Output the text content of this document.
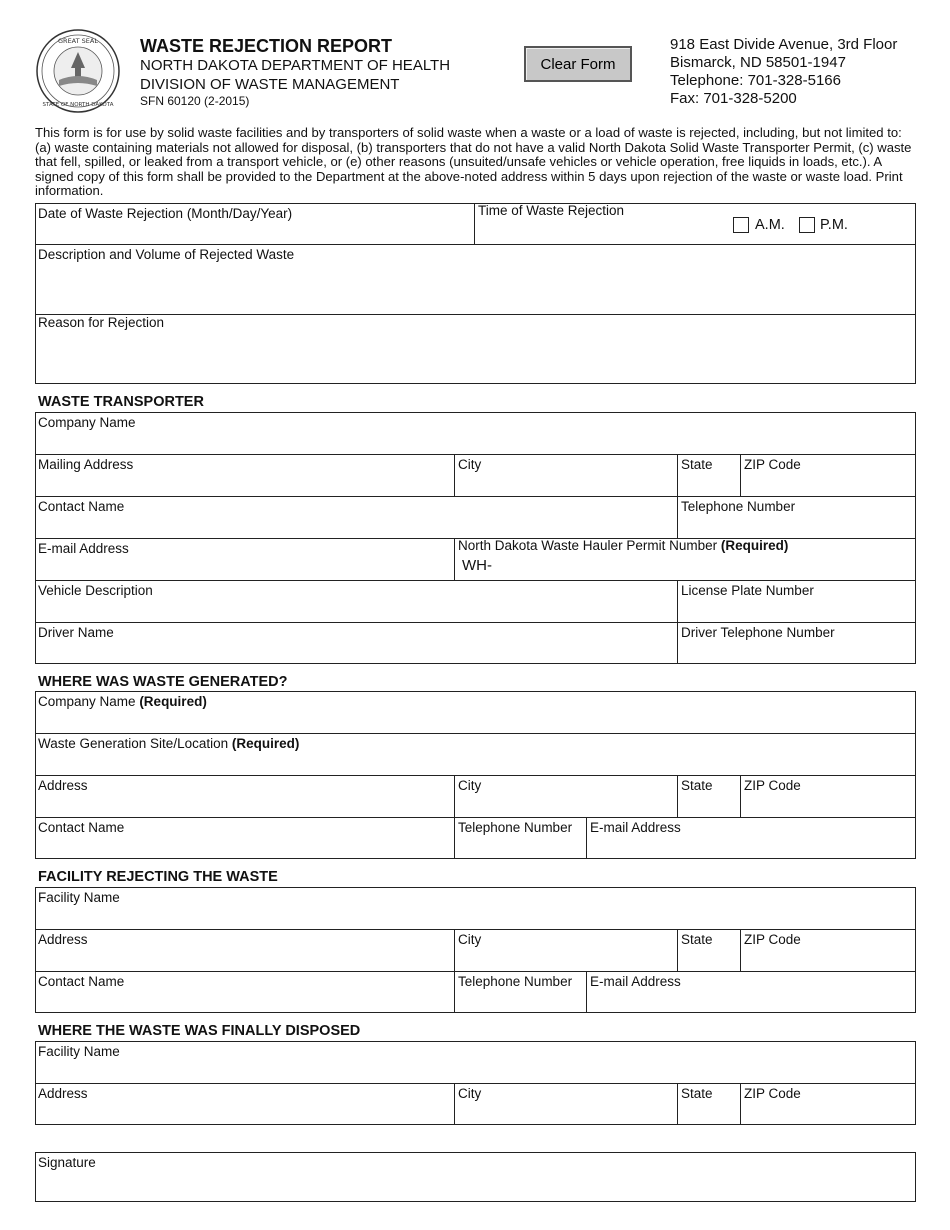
GREAT SEAL
STATE OF NORTH DAKOTA
WASTE REJECTION REPORT
NORTH DAKOTA DEPARTMENT OF HEALTH
DIVISION OF WASTE MANAGEMENT
SFN 60120 (2-2015)
Clear Form
918 East Divide Avenue, 3rd Floor
Bismarck, ND 58501-1947
Telephone: 701-328-5166
Fax: 701-328-5200
This form is for use by solid waste facilities and by transporters of solid waste when a waste or a load of waste is rejected, including, but not limited to: (a) waste containing materials not allowed for disposal, (b) transporters that do not have a valid North Dakota Solid Waste Transporter Permit, (c) waste that fell, spilled, or leaked from a transport vehicle, or (e) other reasons (unsuited/unsafe vehicles or vehicle operation, free liquids in loads, etc.). A signed copy of this form shall be provided to the Department at the above-noted address within 5 days upon rejection of the waste or waste load. Print information.
Date of Waste Rejection (Month/Day/Year)	Time of Waste Rejection
A.M. P.M.
Description and Volume of Rejected Waste
Reason for Rejection
WASTE TRANSPORTER
Company Name
Mailing Address	City	State	ZIP Code
Contact Name	Telephone Number
E-mail Address	North Dakota Waste Hauler Permit Number (Required)
WH-
Vehicle Description	License Plate Number
Driver Name	Driver Telephone Number
WHERE WAS WASTE GENERATED?
Company Name (Required)
Waste Generation Site/Location (Required)
Address	City	State	ZIP Code
Contact Name	Telephone Number	E-mail Address
FACILITY REJECTING THE WASTE
Facility Name
Address	City	State	ZIP Code
Contact Name	Telephone Number	E-mail Address
WHERE THE WASTE WAS FINALLY DISPOSED
Facility Name
Address	City	State	ZIP Code
Signature
